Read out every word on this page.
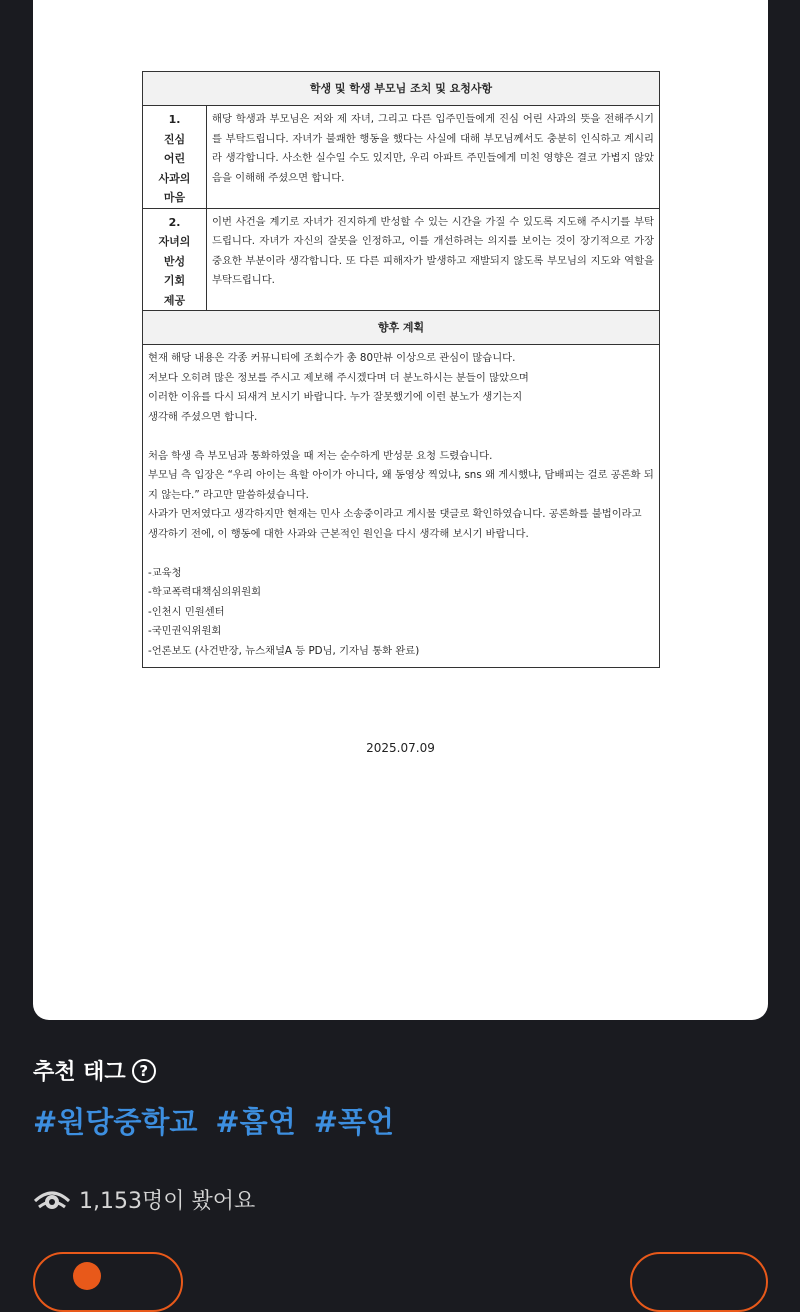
학생 및 학생 부모님 조치 및 요청사항
1.
진심
어린
사과의
마음
해당 학생과 부모님은 저와 제 자녀, 그리고 다른 입주민들에게 진심 어린 사과의 뜻을 전해주시기를 부탁드립니다. 자녀가 불쾌한 행동을 했다는 사실에 대해 부모님께서도 충분히 인식하고 계시리라 생각합니다. 사소한 실수일 수도 있지만, 우리 아파트 주민들에게 미친 영향은 결코 가볍지 않았음을 이해해 주셨으면 합니다.
2.
자녀의
반성
기회
제공
이번 사건을 계기로 자녀가 진지하게 반성할 수 있는 시간을 가질 수 있도록 지도해 주시기를 부탁드립니다. 자녀가 자신의 잘못을 인정하고, 이를 개선하려는 의지를 보이는 것이 장기적으로 가장 중요한 부분이라 생각합니다. 또 다른 피해자가 발생하고 재발되지 않도록 부모님의 지도와 역할을 부탁드립니다.
향후 계획

현재 해당 내용은 각종 커뮤니티에 조회수가 총 80만뷰 이상으로 관심이 많습니다.

저보다 오히려 많은 정보를 주시고 제보해 주시겠다며 더 분노하시는 분들이 많았으며

이러한 이유를 다시 되새겨 보시기 바랍니다. 누가 잘못했기에 이런 분노가 생기는지

생각해 주셨으면 합니다.

처음 학생 측 부모님과 통화하였을 때 저는 순수하게 반성문 요청 드렸습니다.

부모님 측 입장은 “우리 아이는 욕할 아이가 아니다, 왜 동영상 찍었냐, sns 왜 게시했냐, 담배피는 걸로 공론화 되지 않는다.” 라고만 말씀하셨습니다.

사과가 먼저였다고 생각하지만 현재는 민사 소송중이라고 게시물 댓글로 확인하였습니다. 공론화를 불법이라고 생각하기 전에, 이 행동에 대한 사과와 근본적인 원인을 다시 생각해 보시기 바랍니다.

-교육청

-학교폭력대책심의위원회

-인천시 민원센터

-국민권익위원회

-언론보도 (사건반장, 뉴스채널A 등 PD님, 기자님 통화 완료)

2025.07.09
추천 태그 ?
#원당중학교 #흡연 #폭언
1,153명이 봤어요
